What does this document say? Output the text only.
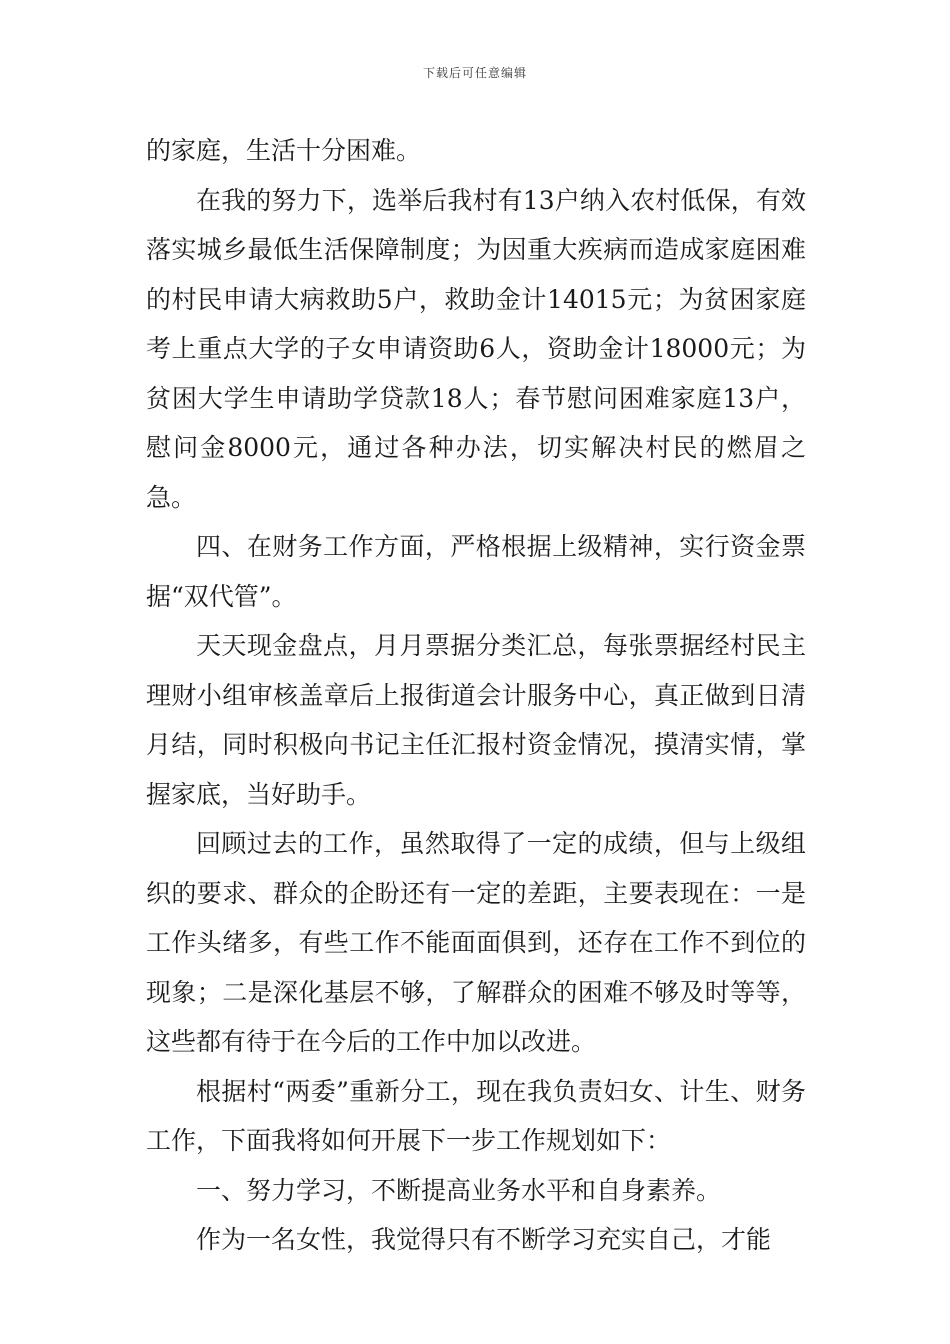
下载后可任意编辑

的家庭，生活十分困难。

在我的努力下，选举后我村有13户纳入农村低保，有效落实城乡最低生活保障制度；为因重大疾病而造成家庭困难的村民申请大病救助5户，救助金计14015元；为贫困家庭考上重点大学的子女申请资助6人，资助金计18000元；为贫困大学生申请助学贷款18人；春节慰问困难家庭13户，慰问金8000元，通过各种办法，切实解决村民的燃眉之急。

四、在财务工作方面，严格根据上级精神，实行资金票据“双代管”。

天天现金盘点，月月票据分类汇总，每张票据经村民主理财小组审核盖章后上报街道会计服务中心，真正做到日清月结，同时积极向书记主任汇报村资金情况，摸清实情，掌握家底，当好助手。

回顾过去的工作，虽然取得了一定的成绩，但与上级组织的要求、群众的企盼还有一定的差距，主要表现在：一是工作头绪多，有些工作不能面面俱到，还存在工作不到位的现象；二是深化基层不够，了解群众的困难不够及时等等，这些都有待于在今后的工作中加以改进。

根据村“两委”重新分工，现在我负责妇女、计生、财务工作，下面我将如何开展下一步工作规划如下：

一、努力学习，不断提高业务水平和自身素养。

作为一名女性，我觉得只有不断学习充实自己，才能
